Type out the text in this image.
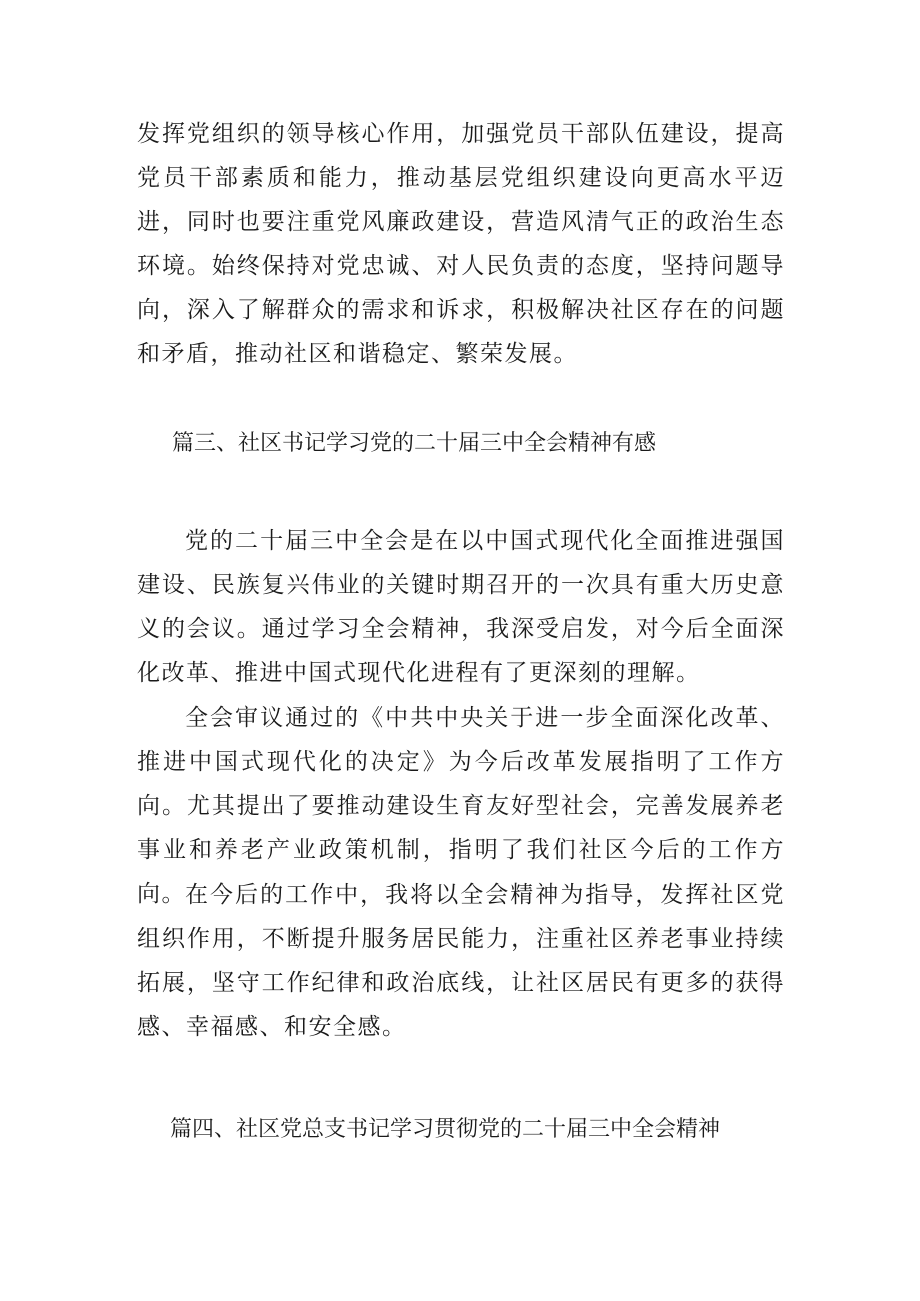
发挥党组织的领导核心作用，加强党员干部队伍建设，提高党员干部素质和能力，推动基层党组织建设向更高水平迈进，同时也要注重党风廉政建设，营造风清气正的政治生态环境。始终保持对党忠诚、对人民负责的态度，坚持问题导向，深入了解群众的需求和诉求，积极解决社区存在的问题和矛盾，推动社区和谐稳定、繁荣发展。

篇三、社区书记学习党的二十届三中全会精神有感

党的二十届三中全会是在以中国式现代化全面推进强国建设、民族复兴伟业的关键时期召开的一次具有重大历史意义的会议。通过学习全会精神，我深受启发，对今后全面深化改革、推进中国式现代化进程有了更深刻的理解。

全会审议通过的《中共中央关于进一步全面深化改革、推进中国式现代化的决定》为今后改革发展指明了工作方向。尤其提出了要推动建设生育友好型社会，完善发展养老事业和养老产业政策机制，指明了我们社区今后的工作方向。 在今后的工作中，我将以全会精神为指导，发挥社区党组织作用，不断提升服务居民能力，注重社区养老事业持续拓展，坚守工作纪律和政治底线，让社区居民有更多的获得感、幸福感、和安全感。

篇四、社区党总支书记学习贯彻党的二十届三中全会精神
